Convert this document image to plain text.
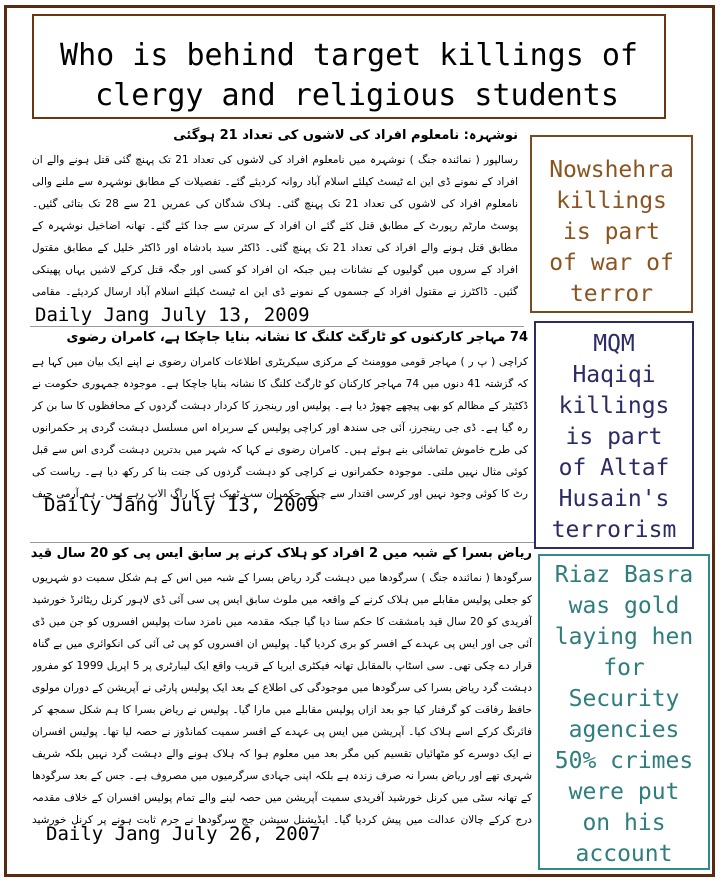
Who is behind target killings of
clergy and religious students
نوشہرہ: نامعلوم افراد کی لاشوں کی تعداد 21 ہوگئی
رسالپور ( نمائندہ جنگ ) نوشہرہ میں نامعلوم افراد کی لاشوں کی تعداد 21 تک پہنچ گئی قتل ہونے والے ان افراد کے نمونے ڈی این اے ٹیسٹ کیلئے اسلام آباد روانہ کردیئے گئے۔ تفصیلات کے مطابق نوشہرہ سے ملنے والی نامعلوم افراد کی لاشوں کی تعداد 21 تک پہنچ گئی۔ ہلاک شدگان کی عمریں 21 سے 28 تک بتائی گئیں۔ پوسٹ مارٹم رپورٹ کے مطابق قتل کئے گئے ان افراد کے سرتن سے جدا کئے گئے۔ تھانہ اضاخیل نوشہرہ کے مطابق قتل ہونے والے افراد کی تعداد 21 تک پہنچ گئی۔ ڈاکٹر سید بادشاہ اور ڈاکٹر خلیل کے مطابق مقتول افراد کے سروں میں گولیوں کے نشانات ہیں جبکہ ان افراد کو کسی اور جگہ قتل کرکے لاشیں یہاں پھینکی گئیں۔ ڈاکٹرز نے مقتول افراد کے جسموں کے نمونے ڈی این اے ٹیسٹ کیلئے اسلام آباد ارسال کردیئے۔ مقامی
Daily Jang July 13, 2009
74 مہاجر کارکنوں کو ٹارگٹ کلنگ کا نشانہ بنایا جاچکا ہے، کامران رضوی
کراچی ( پ ر ) مہاجر قومی موومنٹ کے مرکزی سیکریٹری اطلاعات کامران رضوی نے اپنے ایک بیان میں کہا ہے کہ گزشتہ 41 دنوں میں 74 مہاجر کارکنان کو ٹارگٹ کلنگ کا نشانہ بنایا جاچکا ہے۔ موجودہ جمہوری حکومت نے ڈکٹیٹر کے مظالم کو بھی پیچھے چھوڑ دیا ہے۔ پولیس اور رینجرز کا کردار دہشت گردوں کے محافظوں کا سا بن کر رہ گیا ہے۔ ڈی جی رینجرز، آئی جی سندھ اور کراچی پولیس کے سربراہ اس مسلسل دہشت گردی پر حکمرانوں کی طرح خاموش تماشائی بنے ہوئے ہیں۔ کامران رضوی نے کہا کہ شہر میں بدترین دہشت گردی اس سے قبل کوئی مثال نہیں ملتی۔ موجودہ حکمرانوں نے کراچی کو دہشت گردوں کی جنت بنا کر رکھ دیا ہے۔ ریاست کی رٹ کا کوئی وجود نہیں اور کرسی اقتدار سے چپکے حکمران سب ٹھیک ہے کا راگ الاپ رہے ہیں۔ ہم آرمی چیف
Daily Jang July 13, 2009
ریاض بسرا کے شبہ میں 2 افراد کو ہلاک کرنے پر سابق ایس پی کو 20 سال قید
سرگودھا ( نمائندہ جنگ ) سرگودھا میں دہشت گرد ریاض بسرا کے شبہ میں اس کے ہم شکل سمیت دو شہریوں کو جعلی پولیس مقابلے میں ہلاک کرنے کے واقعہ میں ملوث سابق ایس پی سی آئی ڈی لاہور کرنل ریٹائرڈ خورشید آفریدی کو 20 سال قید بامشقت کا حکم سنا دیا گیا جبکہ مقدمہ میں نامزد سات پولیس افسروں کو جن میں ڈی آئی جی اور ایس پی عہدے کے افسر کو بری کردیا گیا۔ پولیس ان افسروں کو پی ٹی آئی کی انکوائری میں بے گناہ قرار دے چکی تھی۔ سی اسٹاپ بالمقابل تھانہ فیکٹری ایریا کے قریب واقع ایک لیبارٹری پر 5 اپریل 1999 کو مفرور دہشت گرد ریاض بسرا کی سرگودھا میں موجودگی کی اطلاع کے بعد ایک پولیس پارٹی نے آپریشن کے دوران مولوی حافظ رفاقت کو گرفتار کیا جو بعد ازاں پولیس مقابلے میں مارا گیا۔ پولیس نے ریاض بسرا کا ہم شکل سمجھ کر فائرنگ کرکے اسے ہلاک کیا۔ آپریشن میں ایس پی عہدے کے افسر سمیت کمانڈوز نے حصہ لیا تھا۔ پولیس افسران نے ایک دوسرے کو مٹھائیاں تقسیم کیں مگر بعد میں معلوم ہوا کہ ہلاک ہونے والے دہشت گرد نہیں بلکہ شریف شہری تھے اور ریاض بسرا نہ صرف زندہ ہے بلکہ اپنی جہادی سرگرمیوں میں مصروف ہے۔ جس کے بعد سرگودھا کے تھانہ سٹی میں کرنل خورشید آفریدی سمیت آپریشن میں حصہ لینے والے تمام پولیس افسران کے خلاف مقدمہ درج کرکے چالان عدالت میں پیش کردیا گیا۔ ایڈیشنل سیشن جج سرگودھا نے جرم ثابت ہونے پر کرنل خورشید
Daily Jang July 26, 2007
Nowshehra
killings
is part
of war of
terror
MQM
Haqiqi
killings
is part
of Altaf
Husain's
terrorism
Riaz Basra
was gold
laying hen
for
Security
agencies
50% crimes
were put
on his
account
